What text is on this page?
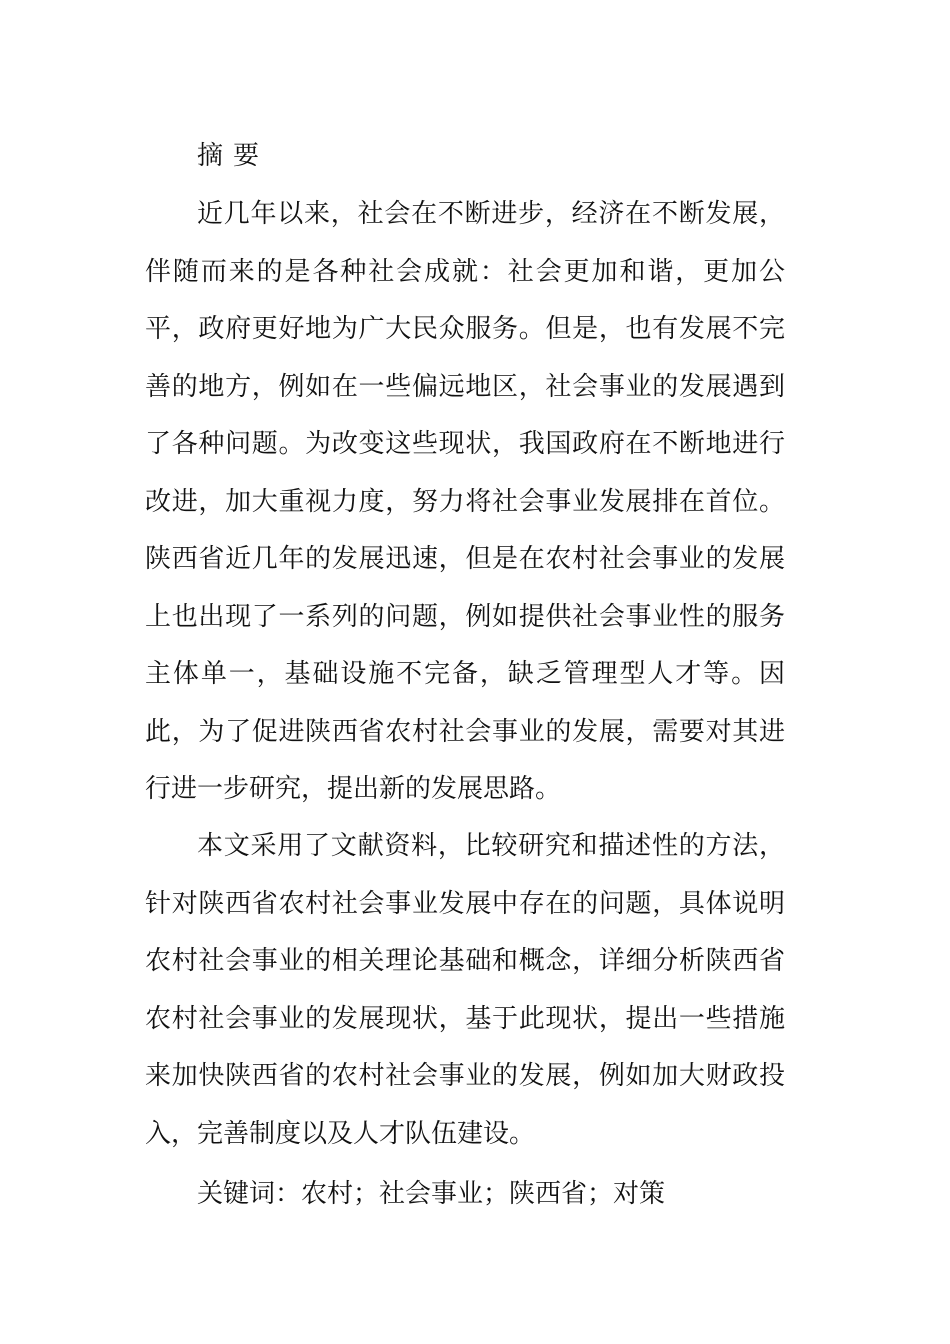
摘要
近几年以来，社会在不断进步，经济在不断发展，伴随而来的是各种社会成就：社会更加和谐，更加公平，政府更好地为广大民众服务。但是，也有发展不完善的地方，例如在一些偏远地区，社会事业的发展遇到了各种问题。为改变这些现状，我国政府在不断地进行改进，加大重视力度，努力将社会事业发展排在首位。陕西省近几年的发展迅速，但是在农村社会事业的发展上也出现了一系列的问题，例如提供社会事业性的服务主体单一，基础设施不完备，缺乏管理型人才等。因此，为了促进陕西省农村社会事业的发展，需要对其进行进一步研究，提出新的发展思路。
本文采用了文献资料，比较研究和描述性的方法，针对陕西省农村社会事业发展中存在的问题，具体说明农村社会事业的相关理论基础和概念，详细分析陕西省农村社会事业的发展现状，基于此现状，提出一些措施来加快陕西省的农村社会事业的发展，例如加大财政投入，完善制度以及人才队伍建设。
关键词：农村；社会事业；陕西省；对策
